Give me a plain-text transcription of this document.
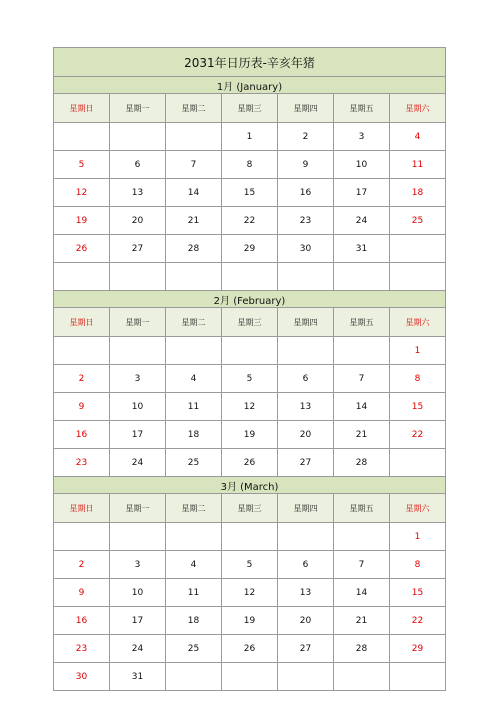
2031年日历表-辛亥年猪						
1月 (January)						
星期日	星期一	星期二	星期三	星期四	星期五	星期六
			1	2	3	4
5	6	7	8	9	10	11
12	13	14	15	16	17	18
19	20	21	22	23	24	25
26	27	28	29	30	31	

2月 (February)						
星期日	星期一	星期二	星期三	星期四	星期五	星期六
						1
2	3	4	5	6	7	8
9	10	11	12	13	14	15
16	17	18	19	20	21	22
23	24	25	26	27	28	
3月 (March)						
星期日	星期一	星期二	星期三	星期四	星期五	星期六
						1
2	3	4	5	6	7	8
9	10	11	12	13	14	15
16	17	18	19	20	21	22
23	24	25	26	27	28	29
30	31					
